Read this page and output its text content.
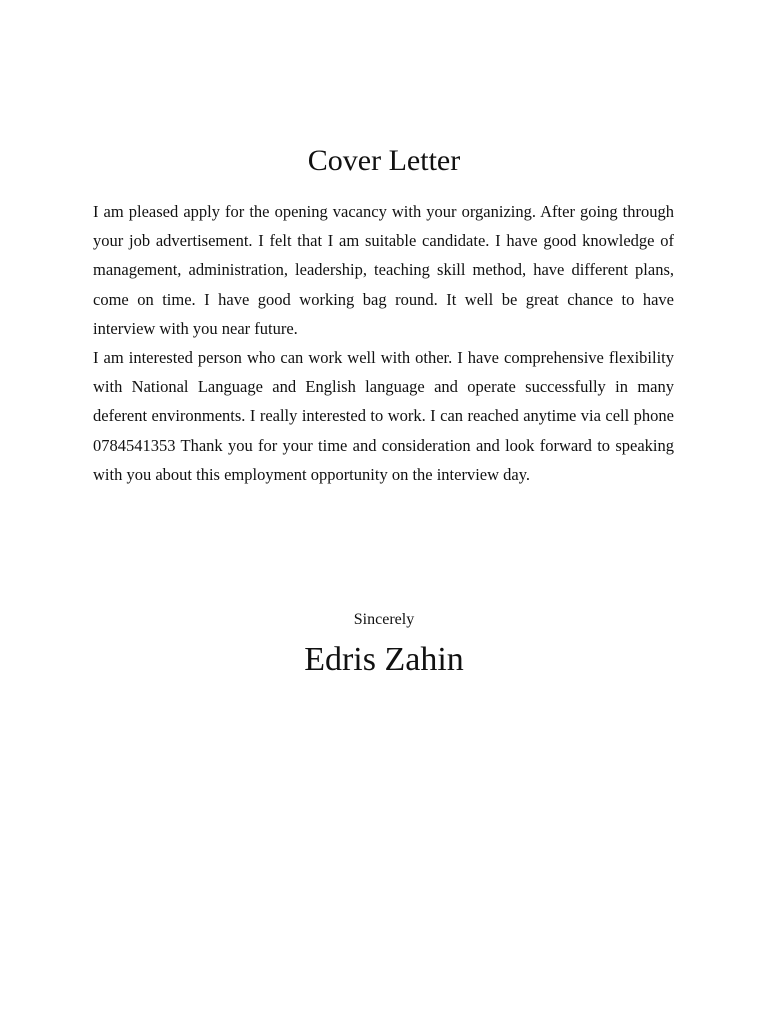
Cover Letter

I am pleased apply for the opening vacancy with your organizing. After going through your job advertisement. I felt that I am suitable candidate. I have good knowledge of management, administration, leadership, teaching skill method, have different plans, come on time. I have good working bag round. It well be great chance to have interview with you near future.

I am interested person who can work well with other. I have comprehensive flexibility with National Language and English language and operate successfully in many deferent environments. I really interested to work. I can reached anytime via cell phone 0784541353 Thank you for your time and consideration and look forward to speaking with you about this employment opportunity on the interview day.

Sincerely

Edris Zahin
